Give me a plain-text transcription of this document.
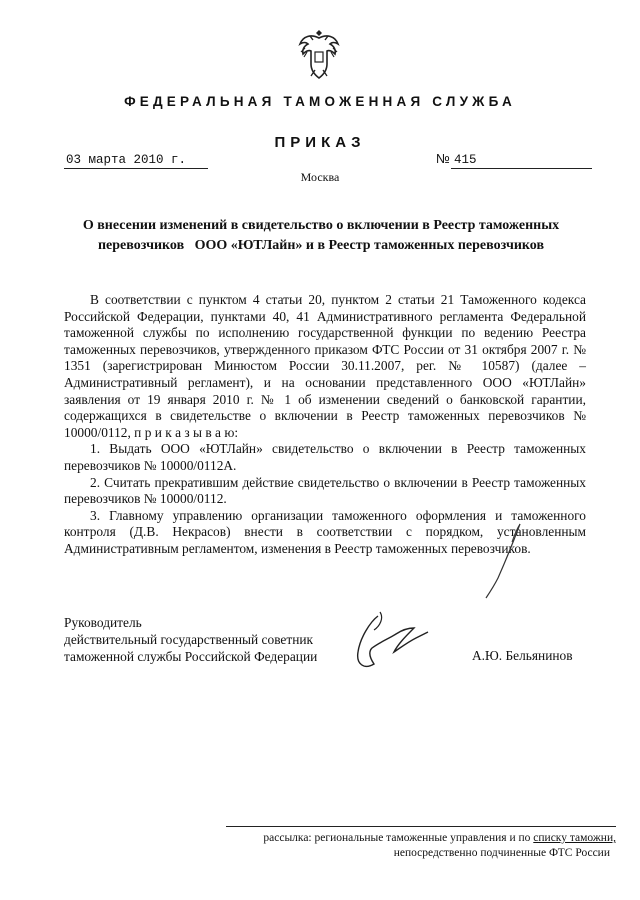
ФЕДЕРАЛЬНАЯ ТАМОЖЕННАЯ СЛУЖБА
ПРИКАЗ
03 марта 2010 г.	№ 415
Москва
О внесении изменений в свидетельство о включении в Реестр таможенных
перевозчиков   ООО «ЮТЛайн» и в Реестр таможенных перевозчиков

В соответствии с пунктом 4 статьи 20, пунктом 2 статьи 21 Таможенного кодекса Российской Федерации, пунктами 40, 41 Административного регламента Федеральной таможенной службы по исполнению государственной функции по ведению Реестра таможенных перевозчиков, утвержденного приказом ФТС России от 31 октября 2007 г. № 1351 (зарегистрирован Минюстом России 30.11.2007, рег. № 10587) (далее – Административный регламент), и на основании представленного ООО «ЮТЛайн» заявления от 19 января 2010 г. № 1 об изменении сведений о банковской гарантии, содержащихся в свидетельстве о включении в Реестр таможенных перевозчиков № 10000/0112, п р и к а з ы в а ю:

1. Выдать ООО «ЮТЛайн» свидетельство о включении в Реестр таможенных перевозчиков № 10000/0112А.

2. Считать прекратившим действие свидетельство о включении в Реестр таможенных перевозчиков № 10000/0112.

3. Главному управлению организации таможенного оформления и таможенного контроля (Д.В. Некрасов) внести в соответствии с порядком, установленным Административным регламентом, изменения в Реестр таможенных перевозчиков.

Руководитель
действительный государственный советник
таможенной службы Российской Федерации	А.Ю. Бельянинов
рассылка: региональные таможенные управления и по списку таможни,
непосредственно подчиненные ФТС России
